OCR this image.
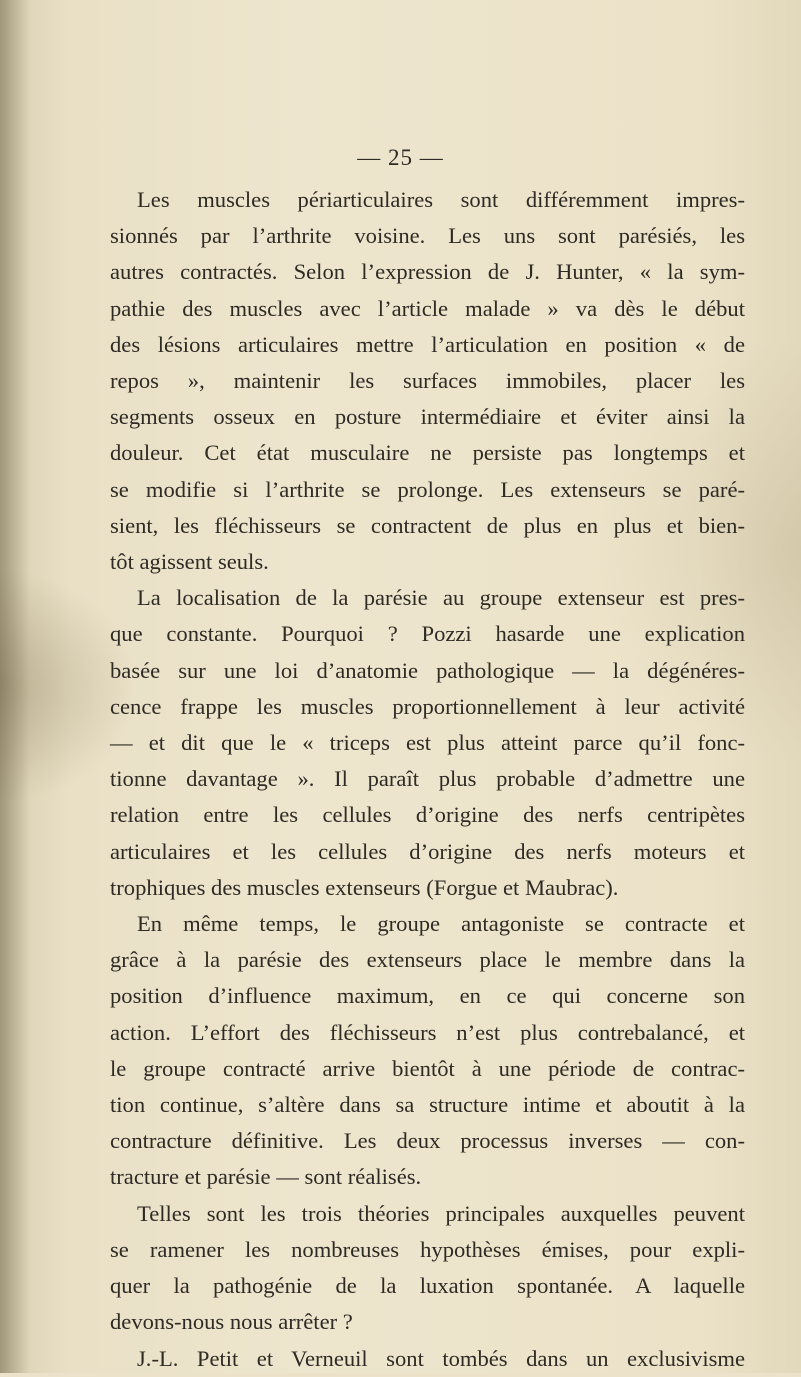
— 25 —
Les muscles périarticulaires sont différemment impres-
sionnés par l’arthrite voisine. Les uns sont parésiés, les
autres contractés. Selon l’expression de J. Hunter, « la sym-
pathie des muscles avec l’article malade » va dès le début
des lésions articulaires mettre l’articulation en position « de
repos », maintenir les surfaces immobiles, placer les
segments osseux en posture intermédiaire et éviter ainsi la
douleur. Cet état musculaire ne persiste pas longtemps et
se modifie si l’arthrite se prolonge. Les extenseurs se paré-
sient, les fléchisseurs se contractent de plus en plus et bien-
tôt agissent seuls.
La localisation de la parésie au groupe extenseur est pres-
que constante. Pourquoi ? Pozzi hasarde une explication
basée sur une loi d’anatomie pathologique — la dégénéres-
cence frappe les muscles proportionnellement à leur activité
— et dit que le « triceps est plus atteint parce qu’il fonc-
tionne davantage ». Il paraît plus probable d’admettre une
relation entre les cellules d’origine des nerfs centripètes
articulaires et les cellules d’origine des nerfs moteurs et
trophiques des muscles extenseurs (Forgue et Maubrac).
En même temps, le groupe antagoniste se contracte et
grâce à la parésie des extenseurs place le membre dans la
position d’influence maximum, en ce qui concerne son
action. L’effort des fléchisseurs n’est plus contrebalancé, et
le groupe contracté arrive bientôt à une période de contrac-
tion continue, s’altère dans sa structure intime et aboutit à la
contracture définitive. Les deux processus inverses — con-
tracture et parésie — sont réalisés.
Telles sont les trois théories principales auxquelles peuvent
se ramener les nombreuses hypothèses émises, pour expli-
quer la pathogénie de la luxation spontanée. A laquelle
devons-nous nous arrêter ?
J.-L. Petit et Verneuil sont tombés dans un exclusivisme
